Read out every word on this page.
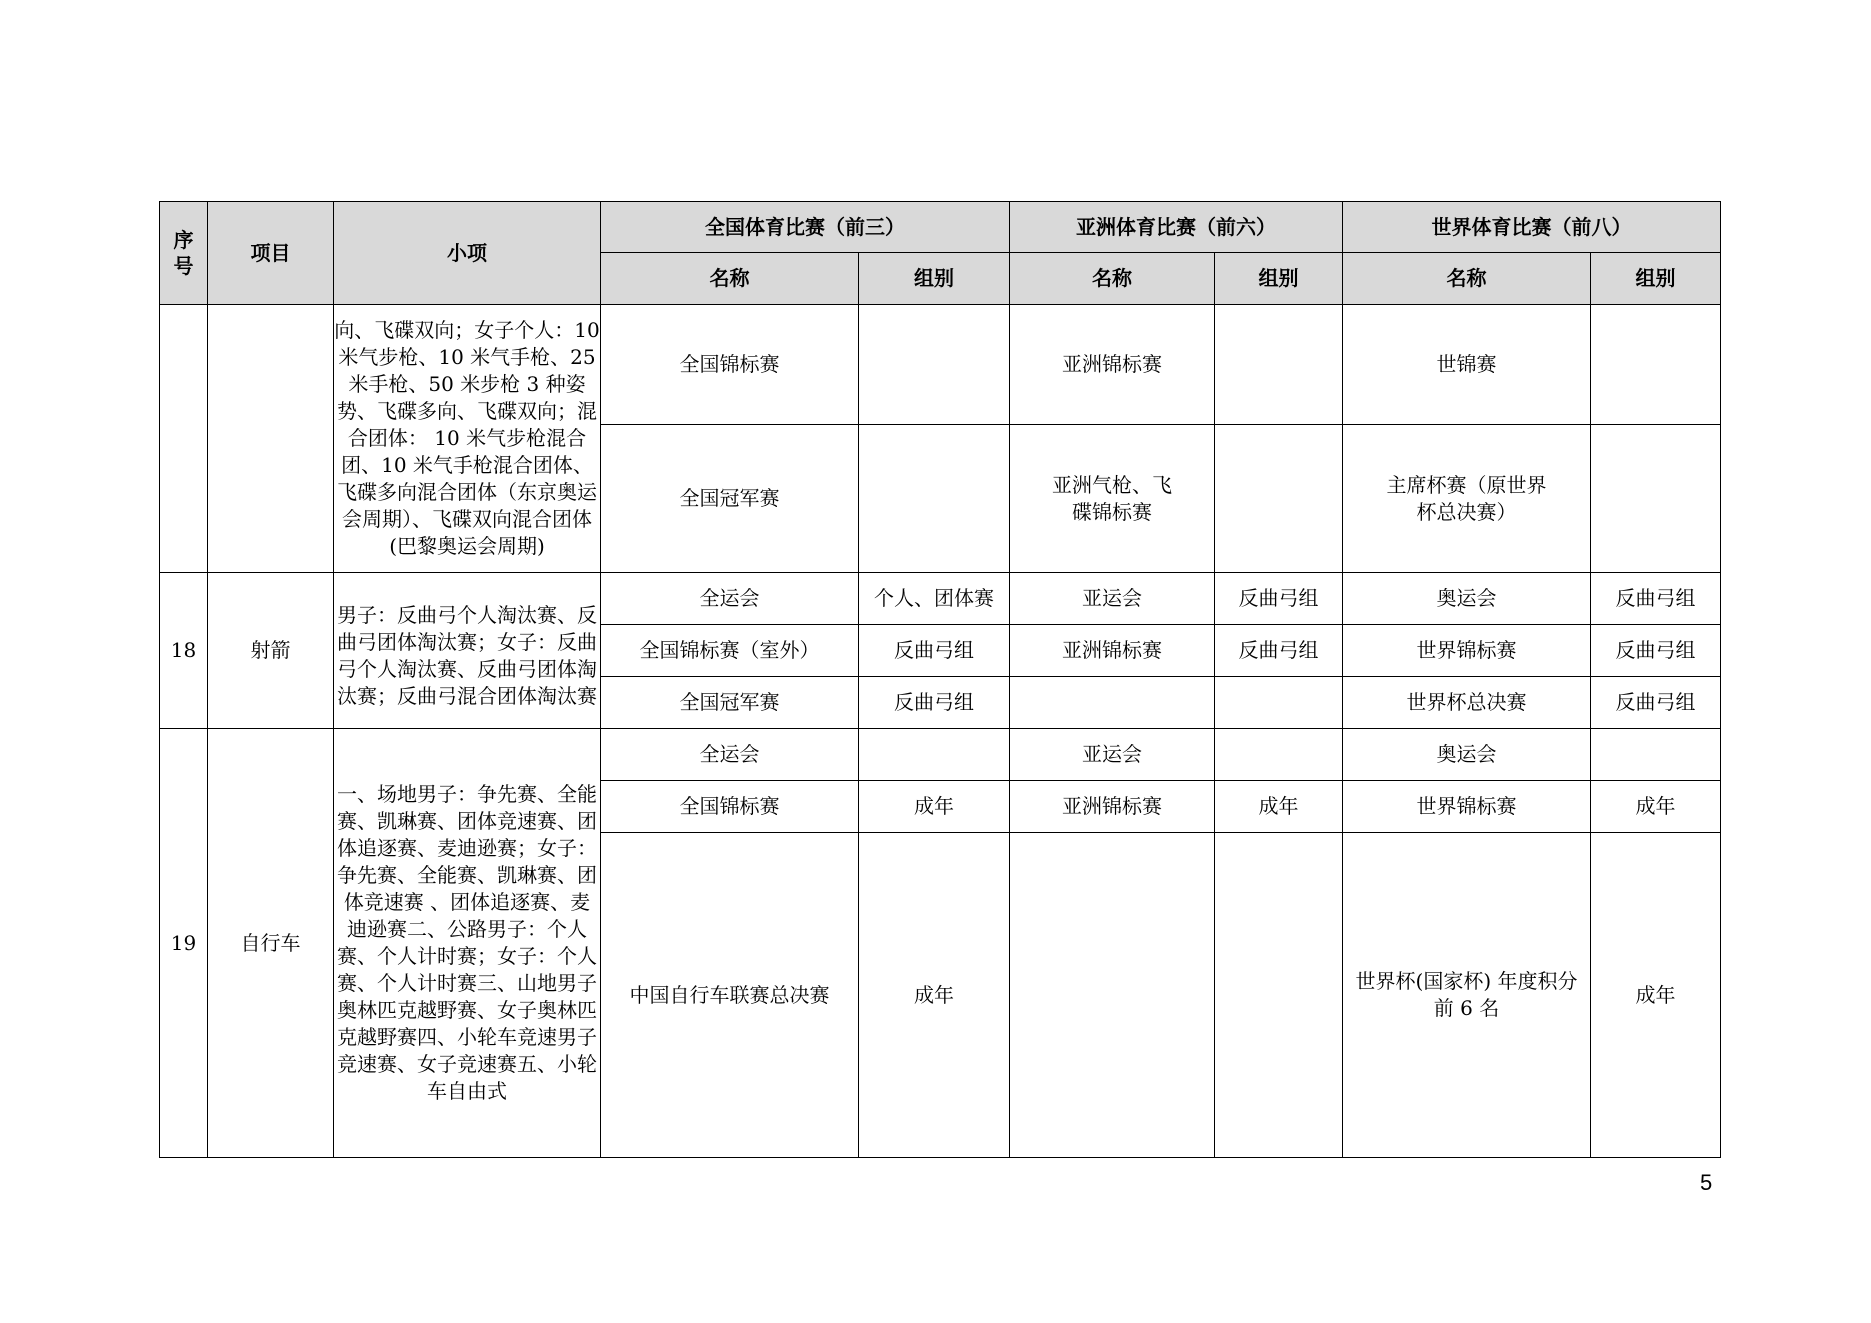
序号	项目	小项	全国体育比赛（前三）		亚洲体育比赛（前六）		世界体育比赛（前八）	
			名称	组别	名称	组别	名称	组别

		向、飞碟双向；女子个人：10 米气步枪、10 米气手枪、25 米手枪、50 米步枪 3 种姿势、飞碟多向、飞碟双向；混合团体： 10 米气步枪混合团、10 米气手枪混合团体、飞碟多向混合团体（东京奥运会周期）、飞碟双向混合团体(巴黎奥运会周期)	全国锦标赛		亚洲锦标赛		世锦赛	
			全国冠军赛		亚洲气枪、飞碟锦标赛		主席杯赛（原世界杯总决赛）	
18	射箭	男子：反曲弓个人淘汰赛、反曲弓团体淘汰赛；女子：反曲弓个人淘汰赛、反曲弓团体淘汰赛；反曲弓混合团体淘汰赛	全运会	个人、团体赛	亚运会	反曲弓组	奥运会	反曲弓组
			全国锦标赛（室外）	反曲弓组	亚洲锦标赛	反曲弓组	世界锦标赛	反曲弓组
			全国冠军赛	反曲弓组			世界杯总决赛	反曲弓组
19	自行车	一、场地男子：争先赛、全能赛、凯琳赛、团体竞速赛、团体追逐赛、麦迪逊赛；女子：争先赛、全能赛、凯琳赛、团体竞速赛 、团体追逐赛、麦迪逊赛二、公路男子：个人赛、个人计时赛；女子：个人赛、个人计时赛三、山地男子奥林匹克越野赛、女子奥林匹克越野赛四、小轮车竞速男子竞速赛、女子竞速赛五、小轮车自由式	全运会		亚运会		奥运会	
			全国锦标赛	成年	亚洲锦标赛	成年	世界锦标赛	成年
			中国自行车联赛总决赛	成年			世界杯(国家杯) 年度积分前 6 名	成年
5
